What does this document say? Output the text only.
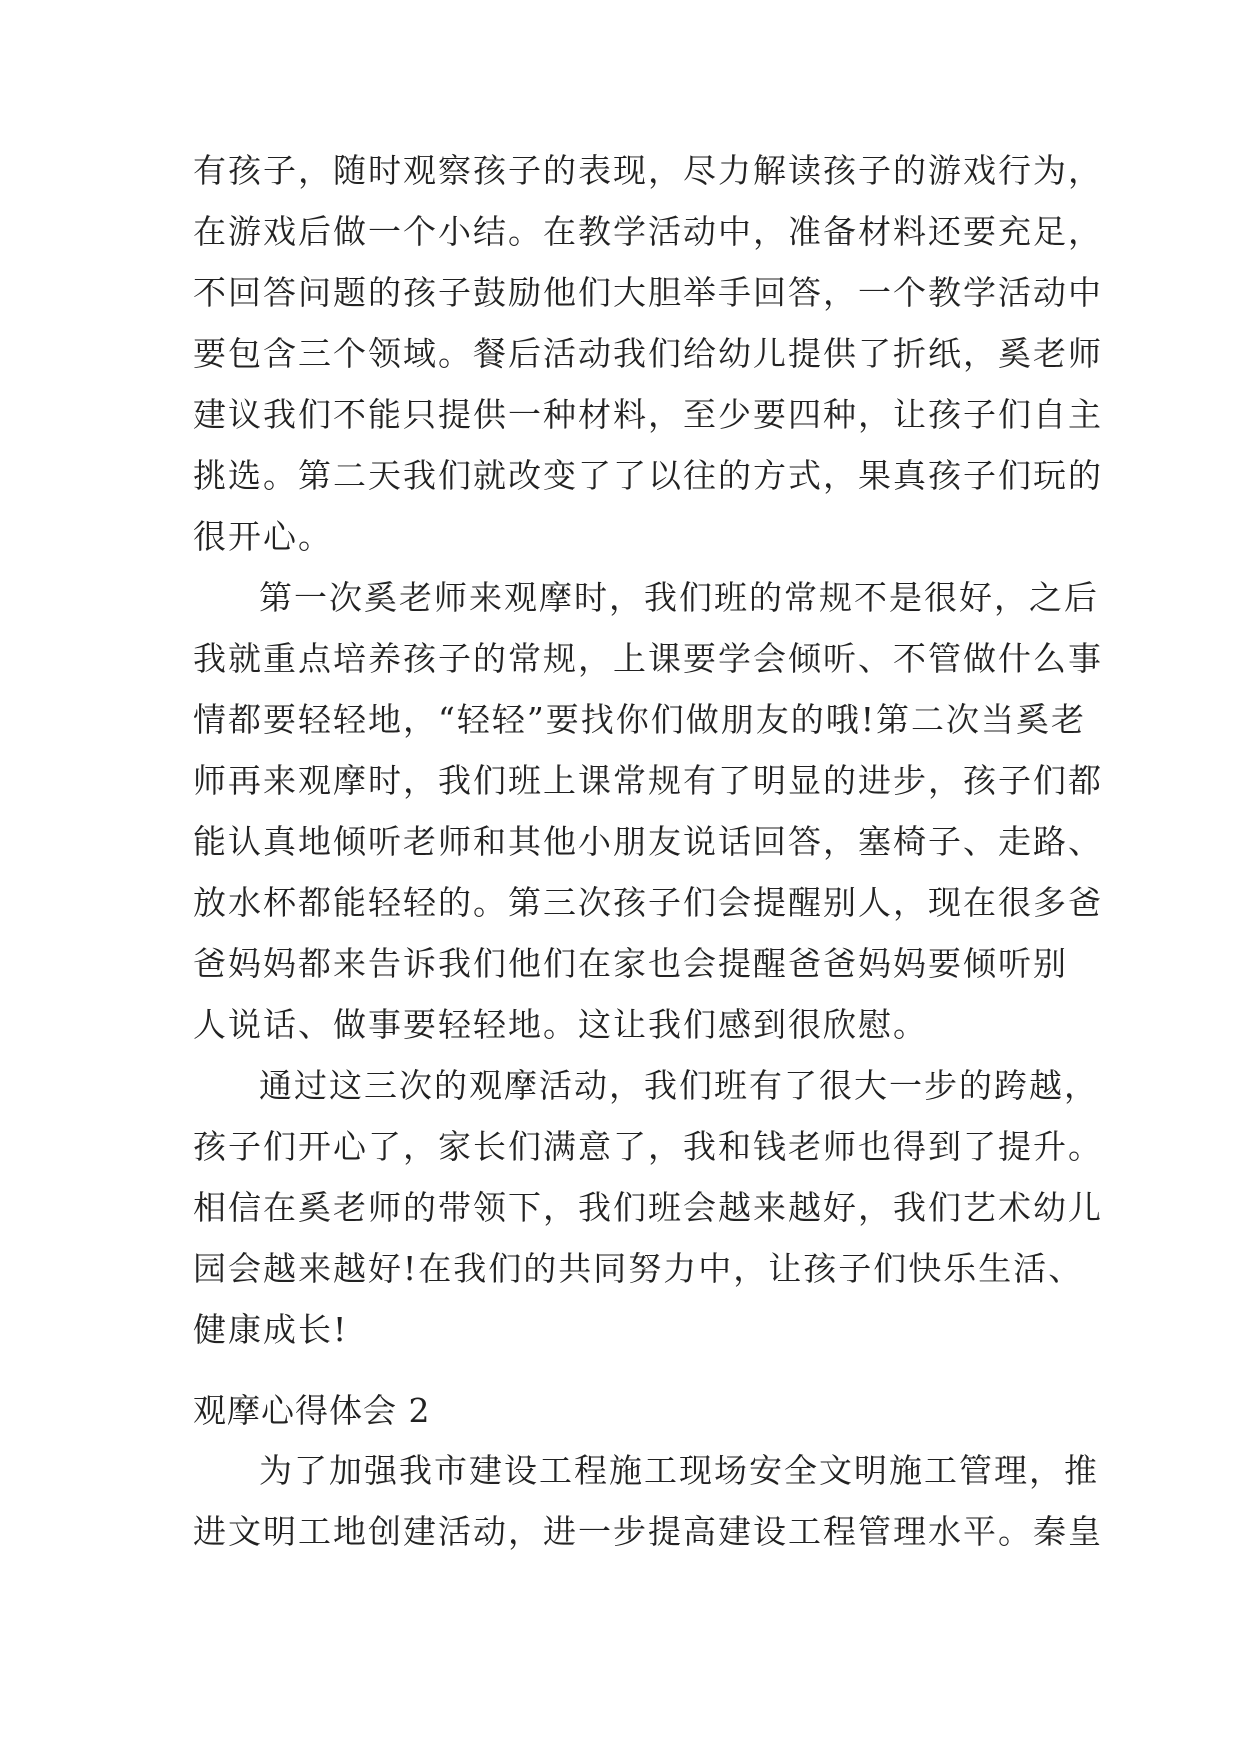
有孩子，随时观察孩子的表现，尽力解读孩子的游戏行为，
在游戏后做一个小结。在教学活动中，准备材料还要充足，
不回答问题的孩子鼓励他们大胆举手回答，一个教学活动中
要包含三个领域。餐后活动我们给幼儿提供了折纸，奚老师
建议我们不能只提供一种材料，至少要四种，让孩子们自主
挑选。第二天我们就改变了了以往的方式，果真孩子们玩的
很开心。
第一次奚老师来观摩时，我们班的常规不是很好，之后
我就重点培养孩子的常规，上课要学会倾听、不管做什么事
情都要轻轻地，“轻轻”要找你们做朋友的哦!第二次当奚老
师再来观摩时，我们班上课常规有了明显的进步，孩子们都
能认真地倾听老师和其他小朋友说话回答，塞椅子、走路、
放水杯都能轻轻的。第三次孩子们会提醒别人，现在很多爸
爸妈妈都来告诉我们他们在家也会提醒爸爸妈妈要倾听别
人说话、做事要轻轻地。这让我们感到很欣慰。
通过这三次的观摩活动，我们班有了很大一步的跨越，
孩子们开心了，家长们满意了，我和钱老师也得到了提升。
相信在奚老师的带领下，我们班会越来越好，我们艺术幼儿
园会越来越好!在我们的共同努力中，让孩子们快乐生活、
健康成长!
观摩心得体会 2
为了加强我市建设工程施工现场安全文明施工管理，推
进文明工地创建活动，进一步提高建设工程管理水平。秦皇
